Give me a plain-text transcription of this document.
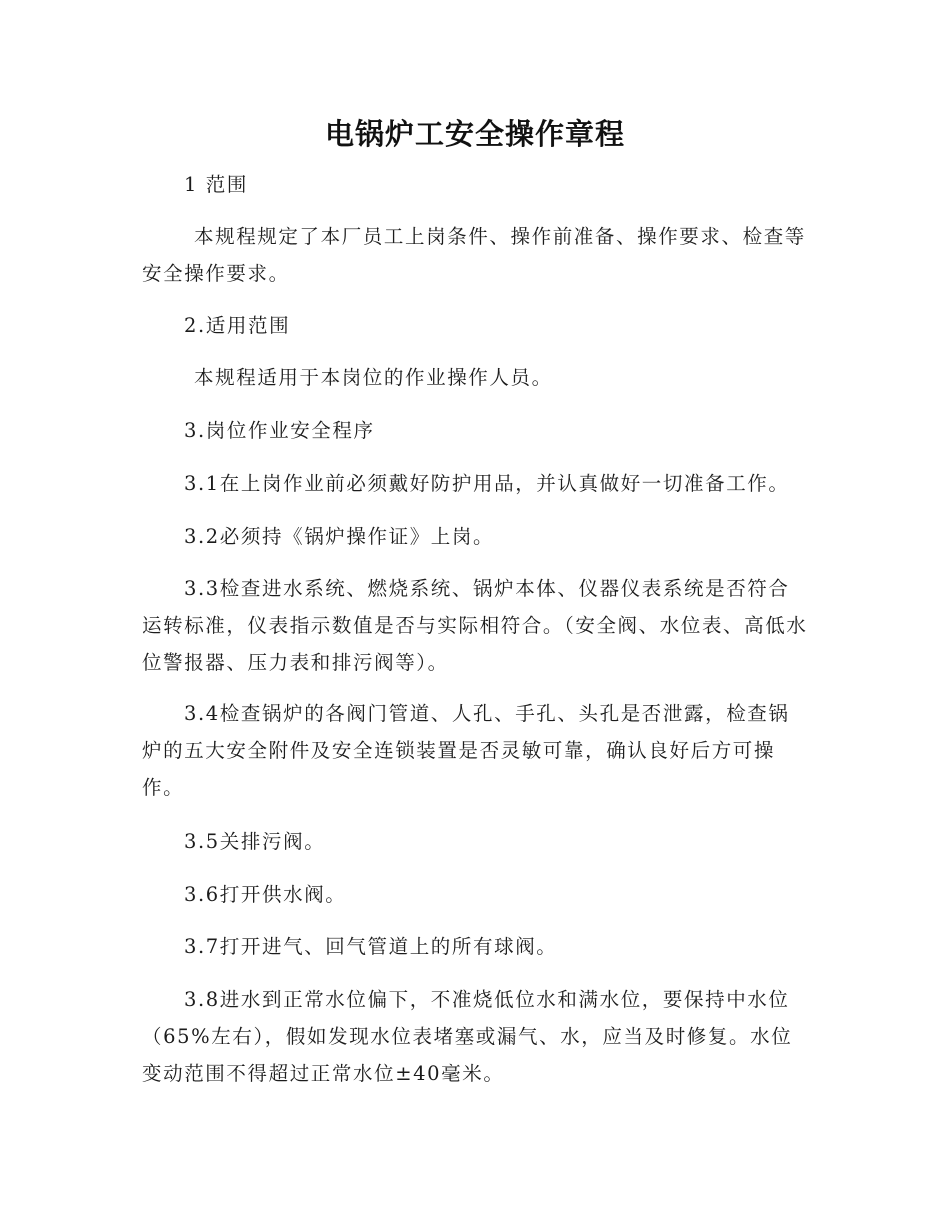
电锅炉工安全操作章程

1 范围

本规程规定了本厂员工上岗条件、操作前准备、操作要求、检查等安全操作要求。

2.适用范围

本规程适用于本岗位的作业操作人员。

3.岗位作业安全程序

3.1在上岗作业前必须戴好防护用品，并认真做好一切准备工作。

3.2必须持《锅炉操作证》上岗。

3.3检查进水系统、燃烧系统、锅炉本体、仪器仪表系统是否符合运转标准，仪表指示数值是否与实际相符合。（安全阀、水位表、高低水位警报器、压力表和排污阀等）。

3.4检查锅炉的各阀门管道、人孔、手孔、头孔是否泄露，检查锅炉的五大安全附件及安全连锁装置是否灵敏可靠，确认良好后方可操作。

3.5关排污阀。

3.6打开供水阀。

3.7打开进气、回气管道上的所有球阀。

3.8进水到正常水位偏下，不准烧低位水和满水位，要保持中水位（65%左右），假如发现水位表堵塞或漏气、水，应当及时修复。水位变动范围不得超过正常水位±40毫米。
